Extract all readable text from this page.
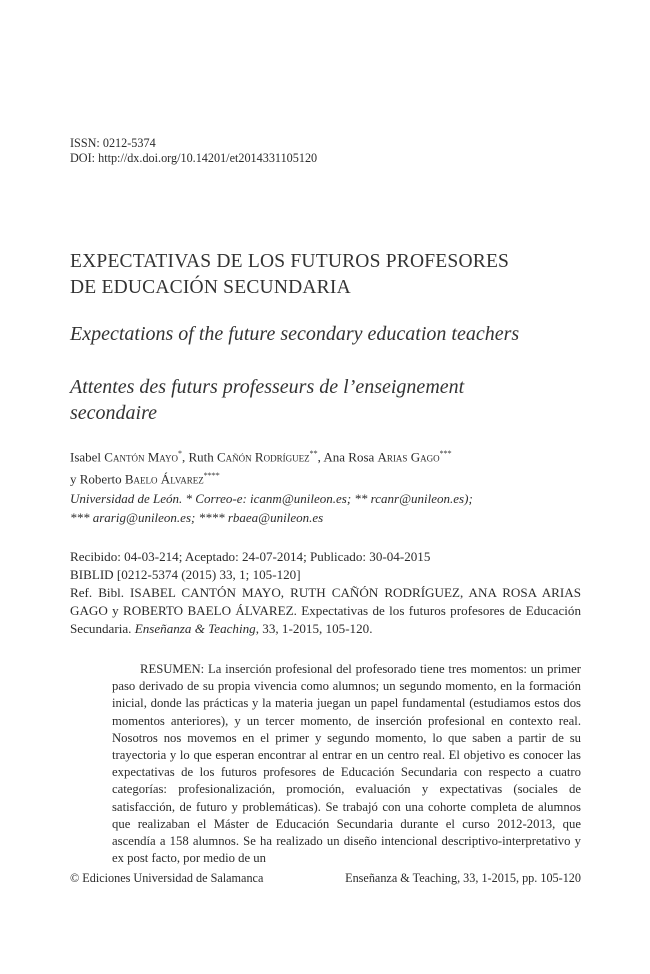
ISSN: 0212-5374
DOI: http://dx.doi.org/10.14201/et2014331105120
EXPECTATIVAS DE LOS FUTUROS PROFESORES
DE EDUCACIÓN SECUNDARIA
Expectations of the future secondary education teachers
Attentes des futurs professeurs de l’enseignement
secondaire
Isabel Cantón Mayo*, Ruth Cañón Rodríguez**, Ana Rosa Arias Gago***
y Roberto Baelo Álvarez****
Universidad de León. * Correo-e: icanm@unileon.es; ** rcanr@unileon.es);
*** ararig@unileon.es; **** rbaea@unileon.es
Recibido: 04-03-214; Aceptado: 24-07-2014; Publicado: 30-04-2015
BIBLID [0212-5374 (2015) 33, 1; 105-120]
Ref. Bibl. ISABEL CANTÓN MAYO, RUTH CAÑÓN RODRÍGUEZ, ANA ROSA ARIAS GAGO y ROBERTO BAELO ÁLVAREZ. Expectativas de los futuros profesores de Educación Secundaria. Enseñanza & Teaching, 33, 1-2015, 105-120.

RESUMEN: La inserción profesional del profesorado tiene tres momentos: un primer paso derivado de su propia vivencia como alumnos; un segundo momento, en la formación inicial, donde las prácticas y la materia juegan un papel fundamental (estudiamos estos dos momentos anteriores), y un tercer momento, de inserción profesional en contexto real. Nosotros nos movemos en el primer y segundo momento, lo que saben a partir de su trayectoria y lo que esperan encontrar al entrar en un centro real. El objetivo es conocer las expectativas de los futuros profesores de Educación Secundaria con respecto a cuatro categorías: profesionalización, promoción, evaluación y expectativas (sociales de satisfacción, de futuro y problemáticas). Se trabajó con una cohorte completa de alumnos que realizaban el Máster de Educación Secundaria durante el curso 2012-2013, que ascendía a 158 alumnos. Se ha realizado un diseño intencional descriptivo-interpretativo y ex post facto, por medio de un

© Ediciones Universidad de Salamanca	Enseñanza & Teaching, 33, 1-2015, pp. 105-120
